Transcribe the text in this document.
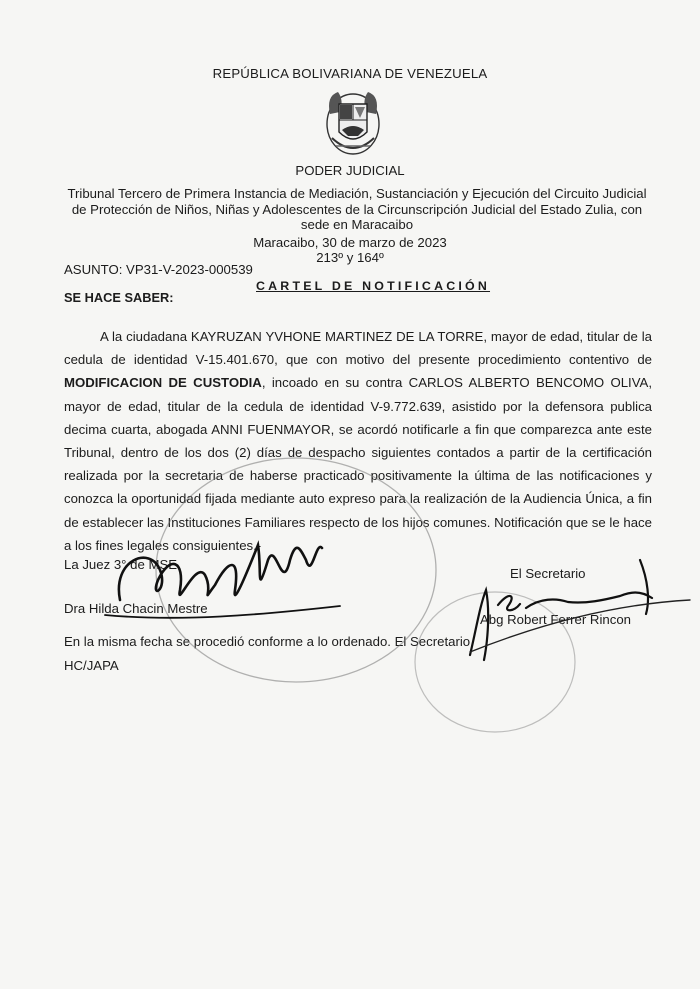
REPÚBLICA BOLIVARIANA DE VENEZUELA
PODER JUDICIAL
Tribunal Tercero de Primera Instancia de Mediación, Sustanciación y Ejecución del Circuito Judicial de Protección de Niños, Niñas y Adolescentes de la Circunscripción Judicial del Estado Zulia, con sede en Maracaibo
Maracaibo, 30 de marzo de 2023
213º y 164º
ASUNTO: VP31-V-2023-000539
CARTEL DE NOTIFICACIÓN
SE HACE SABER:

A la ciudadana KAYRUZAN YVHONE MARTINEZ DE LA TORRE, mayor de edad, titular de la cedula de identidad V-15.401.670, que con motivo del presente procedimiento contentivo de MODIFICACION DE CUSTODIA, incoado en su contra CARLOS ALBERTO BENCOMO OLIVA, mayor de edad, titular de la cedula de identidad V-9.772.639, asistido por la defensora publica decima cuarta, abogada ANNI FUENMAYOR, se acordó notificarle a fin que comparezca ante este Tribunal, dentro de los dos (2) días de despacho siguientes contados a partir de la certificación realizada por la secretaria de haberse practicado positivamente la última de las notificaciones y conozca la oportunidad fijada mediante auto expreso para la realización de la Audiencia Única, a fin de establecer las Instituciones Familiares respecto de los hijos comunes. Notificación que se le hace a los fines legales consiguientes.-

La Juez 3° de MSE
Dra Hilda Chacin Mestre
El Secretario
Abg Robert Ferrer Rincon
En la misma fecha se procedió conforme a lo ordenado. El Secretario
HC/JAPA
